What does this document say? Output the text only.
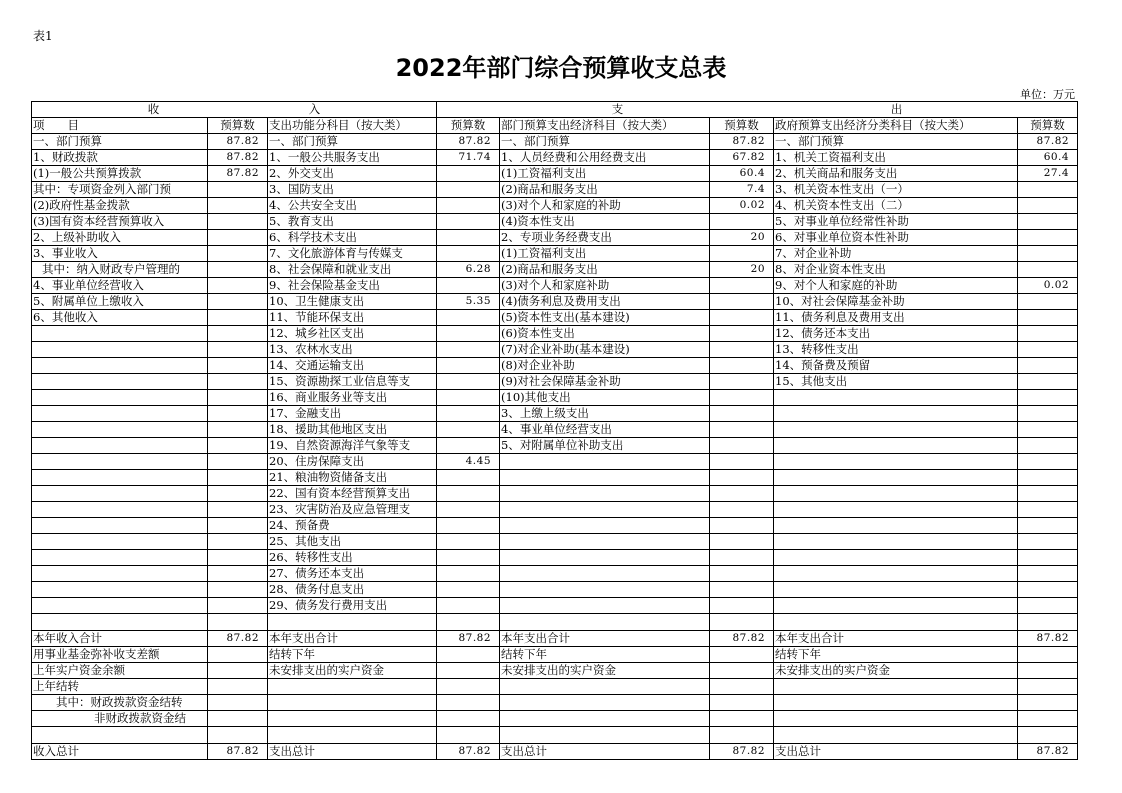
表1
2022年部门综合预算收支总表
单位：万元
收 入			支 出				

项　　目	预算数	支出功能分科目（按大类）	预算数	部门预算支出经济科目（按大类）	预算数	政府预算支出经济分类科目（按大类）	预算数
一、部门预算	87.82	一、部门预算	87.82	一、部门预算	87.82	一、部门预算	87.82
1、财政拨款	87.82	1、一般公共服务支出	71.74	1、人员经费和公用经费支出	67.82	1、机关工资福利支出	60.4
(1)一般公共预算拨款	87.82	2、外交支出		(1)工资福利支出	60.4	2、机关商品和服务支出	27.4
其中：专项资金列入部门预		3、国防支出		(2)商品和服务支出	7.4	3、机关资本性支出（一）	
(2)政府性基金拨款		4、公共安全支出		(3)对个人和家庭的补助	0.02	4、机关资本性支出（二）	
(3)国有资本经营预算收入		5、教育支出		(4)资本性支出		5、对事业单位经常性补助	
2、上级补助收入		6、科学技术支出		2、专项业务经费支出	20	6、对事业单位资本性补助	
3、事业收入		7、文化旅游体育与传媒支		(1)工资福利支出		7、对企业补助	
其中：纳入财政专户管理的		8、社会保障和就业支出	6.28	(2)商品和服务支出	20	8、对企业资本性支出	
4、事业单位经营收入		9、社会保险基金支出		(3)对个人和家庭补助		9、对个人和家庭的补助	0.02
5、附属单位上缴收入		10、卫生健康支出	5.35	(4)债务利息及费用支出		10、对社会保障基金补助	
6、其他收入		11、节能环保支出		(5)资本性支出(基本建设)		11、债务利息及费用支出	
		12、城乡社区支出		(6)资本性支出		12、债务还本支出	
		13、农林水支出		(7)对企业补助(基本建设)		13、转移性支出	
		14、交通运输支出		(8)对企业补助		14、预备费及预留	
		15、资源勘探工业信息等支		(9)对社会保障基金补助		15、其他支出	
		16、商业服务业等支出		(10)其他支出			
		17、金融支出		3、上缴上级支出			
		18、援助其他地区支出		4、事业单位经营支出			
		19、自然资源海洋气象等支		5、对附属单位补助支出			
		20、住房保障支出	4.45				
		21、粮油物资储备支出					
		22、国有资本经营预算支出					
		23、灾害防治及应急管理支					
		24、预备费					
		25、其他支出					
		26、转移性支出					
		27、债务还本支出					
		28、债务付息支出					
		29、债务发行费用支出					

本年收入合计	87.82	本年支出合计	87.82	本年支出合计	87.82	本年支出合计	87.82
用事业基金弥补收支差额		结转下年		结转下年		结转下年	
上年实户资金余额		未安排支出的实户资金		未安排支出的实户资金		未安排支出的实户资金	
上年结转							
其中：财政拨款资金结转							
非财政拨款资金结							

收入总计	87.82	支出总计	87.82	支出总计	87.82	支出总计	87.82
